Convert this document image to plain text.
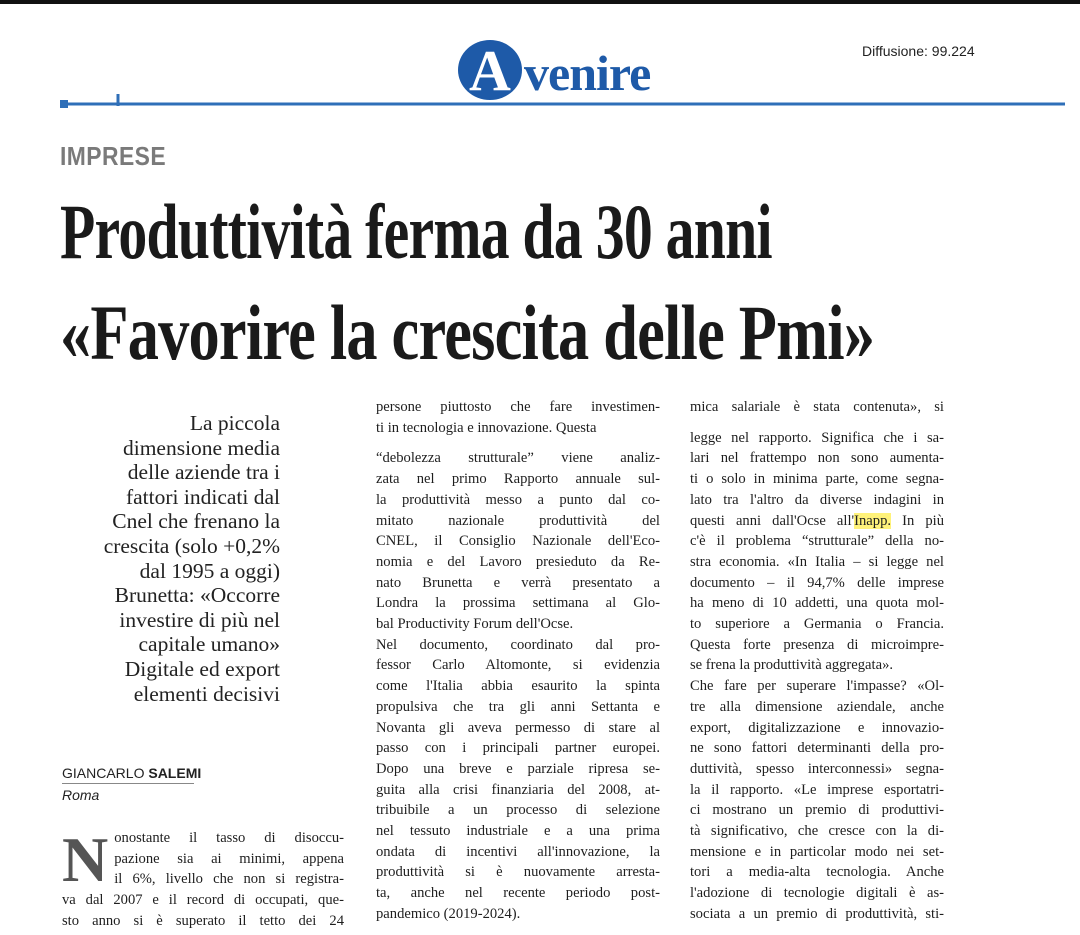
A venire	Diffusione: 99.224
IMPRESE
Produttività ferma da 30 anni
«Favorire la crescita delle Pmi»
La piccola
dimensione media
delle aziende tra i
fattori indicati dal
Cnel che frenano la
crescita (solo +0,2%
dal 1995 a oggi)
Brunetta: «Occorre
investire di più nel
capitale umano»
Digitale ed export
elementi decisivi
GIANCARLO SALEMI
Roma
N onostante il tasso di disoccu-
pazione sia ai minimi, appena
il 6%, livello che non si registra-
va dal 2007 e il record di occupati, que-
sto anno si è superato il tetto dei 24
persone piuttosto che fare investimen-
ti in tecnologia e innovazione. Questa
“debolezza strutturale” viene analiz-
zata nel primo Rapporto annuale sul-
la produttività messo a punto dal co-
mitato nazionale produttività del
CNEL, il Consiglio Nazionale dell'Eco-
nomia e del Lavoro presieduto da Re-
nato Brunetta e verrà presentato a
Londra la prossima settimana al Glo-
bal Productivity Forum dell'Ocse.
Nel documento, coordinato dal pro-
fessor Carlo Altomonte, si evidenzia
come l'Italia abbia esaurito la spinta
propulsiva che tra gli anni Settanta e
Novanta gli aveva permesso di stare al
passo con i principali partner europei.
Dopo una breve e parziale ripresa se-
guita alla crisi finanziaria del 2008, at-
tribuibile a un processo di selezione
nel tessuto industriale e a una prima
ondata di incentivi all'innovazione, la
produttività si è nuovamente arresta-
ta, anche nel recente periodo post-
pandemico (2019-2024).
mica salariale è stata contenuta», si
legge nel rapporto. Significa che i sa-
lari nel frattempo non sono aumenta-
ti o solo in minima parte, come segna-
lato tra l'altro da diverse indagini in
questi anni dall'Ocse all'Inapp. In più
c'è il problema “strutturale” della no-
stra economia. «In Italia – si legge nel
documento – il 94,7% delle imprese
ha meno di 10 addetti, una quota mol-
to superiore a Germania o Francia.
Questa forte presenza di microimpre-
se frena la produttività aggregata».
Che fare per superare l'impasse? «Ol-
tre alla dimensione aziendale, anche
export, digitalizzazione e innovazio-
ne sono fattori determinanti della pro-
duttività, spesso interconnessi» segna-
la il rapporto. «Le imprese esportatri-
ci mostrano un premio di produttivi-
tà significativo, che cresce con la di-
mensione e in particolar modo nei set-
tori a media-alta tecnologia. Anche
l'adozione di tecnologie digitali è as-
sociata a un premio di produttività, sti-
